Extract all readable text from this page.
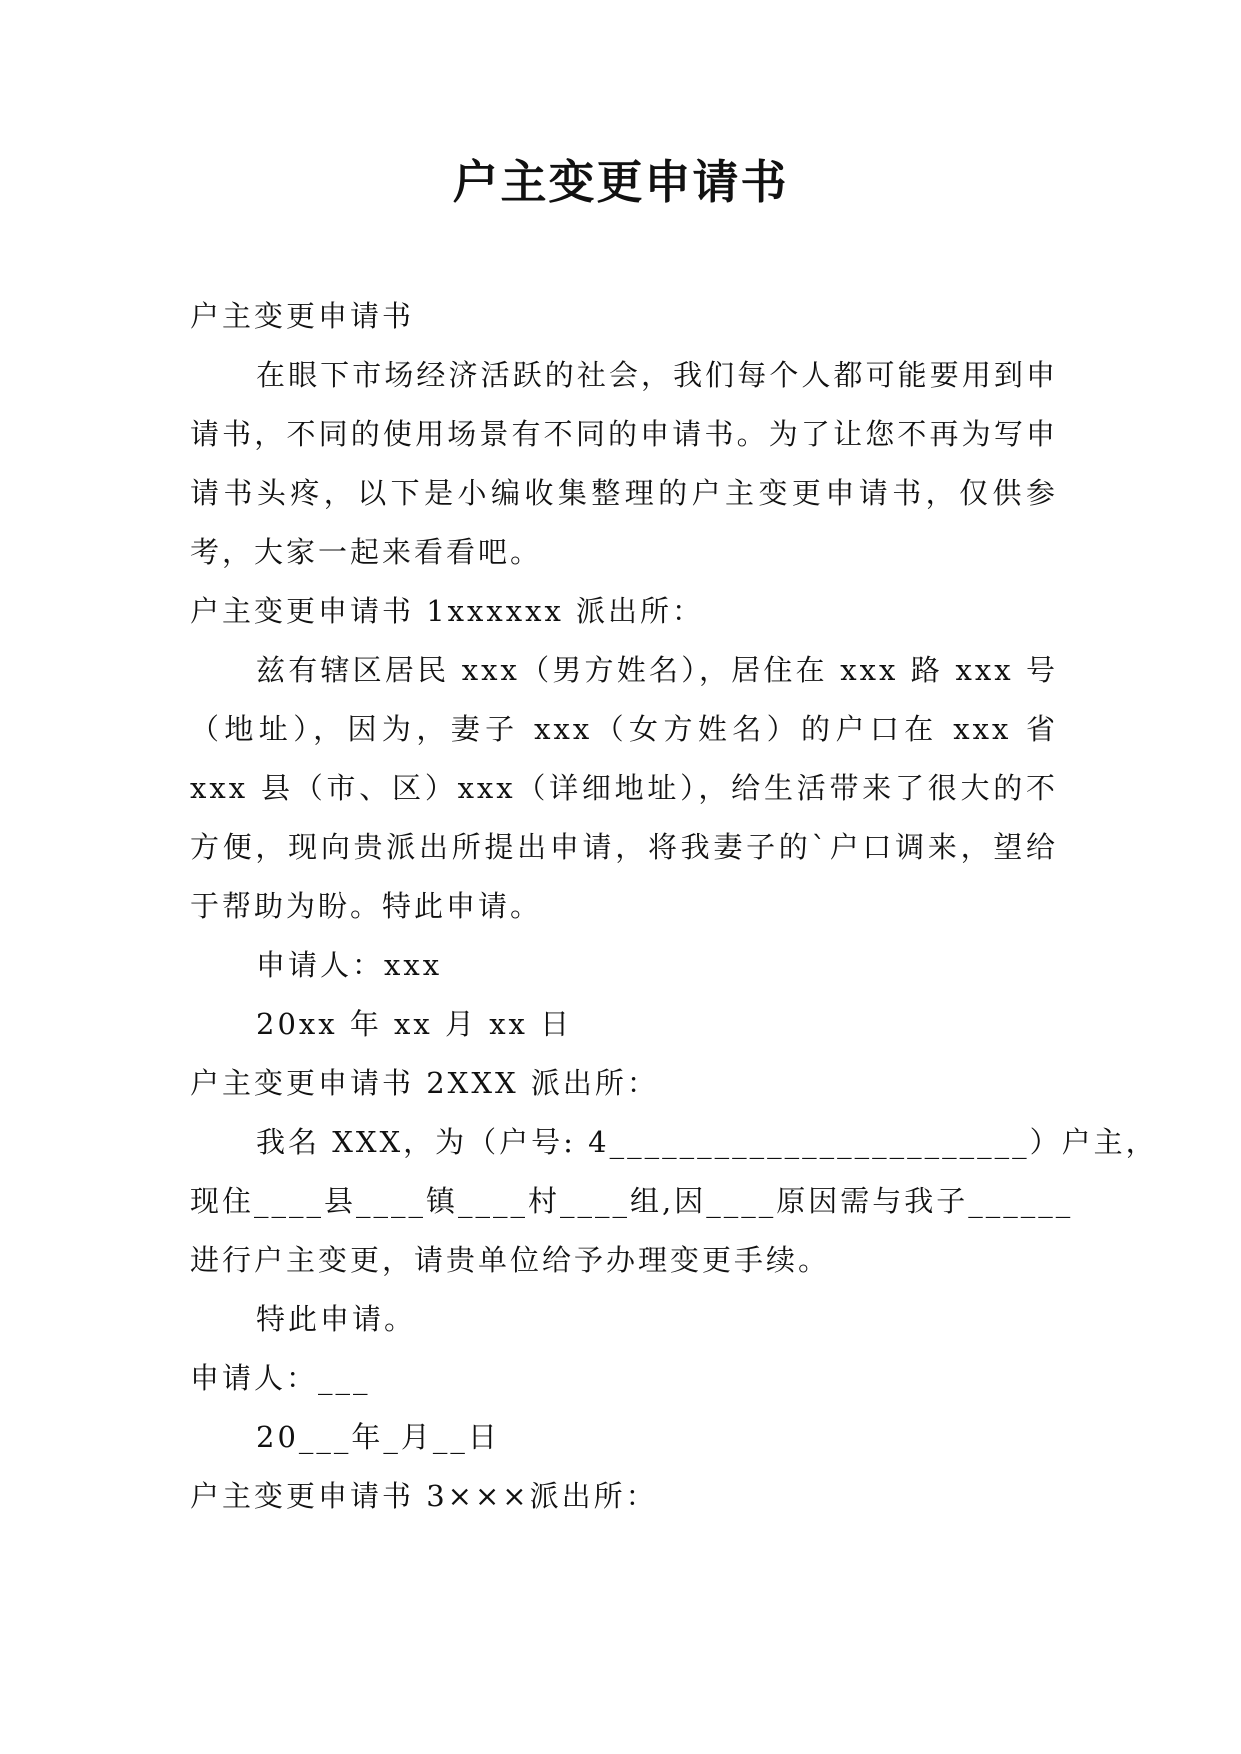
户主变更申请书

户主变更申请书

在眼下市场经济活跃的社会，我们每个人都可能要用到申请书，不同的使用场景有不同的申请书。为了让您不再为写申请书头疼，以下是小编收集整理的户主变更申请书，仅供参考，大家一起来看看吧。

户主变更申请书 1xxxxxx 派出所：

兹有辖区居民 xxx（男方姓名），居住在 xxx 路 xxx 号（地址），因为，妻子 xxx（女方姓名）的户口在 xxx 省 xxx 县（市、区）xxx（详细地址），给生活带来了很大的不方便，现向贵派出所提出申请，将我妻子的`户口调来，望给于帮助为盼。特此申请。

申请人：xxx

20xx 年 xx 月 xx 日

户主变更申请书 2XXX 派出所：

我名 XXX，为（户号: 4________________________）户主，

现住____县____镇____村____组,因____原因需与我子______

进行户主变更，请贵单位给予办理变更手续。

特此申请。

申请人：___

20___年_月__日

户主变更申请书 3×××派出所：
